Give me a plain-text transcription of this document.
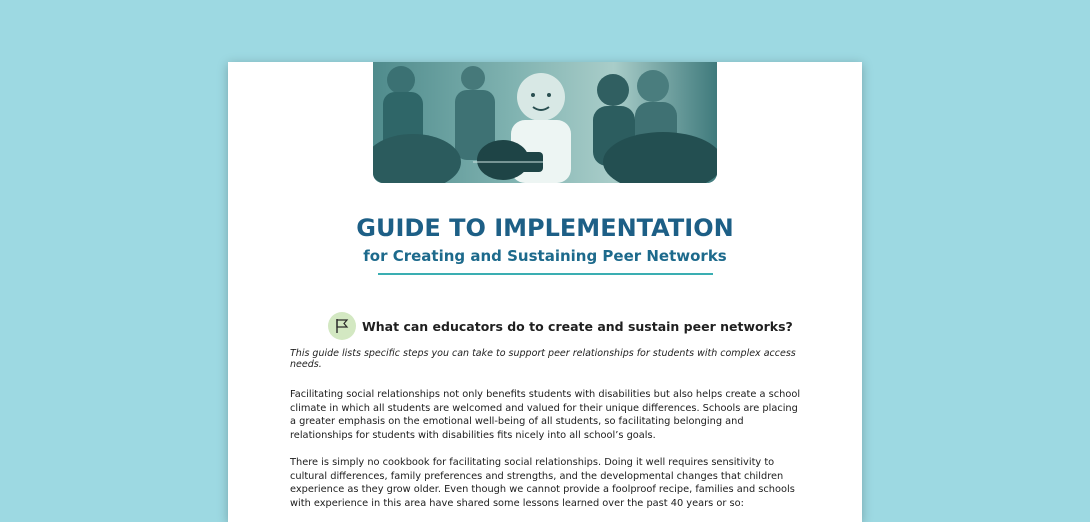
GUIDE TO IMPLEMENTATION
for Creating and Sustaining Peer Networks
What can educators do to create and sustain peer networks?
This guide lists specific steps you can take to support peer relationships for students with complex access needs.
Facilitating social relationships not only benefits students with disabilities but also helps create a school climate in which all students are welcomed and valued for their unique differences. Schools are placing a greater emphasis on the emotional well-being of all students, so facilitating belonging and relationships for students with disabilities fits nicely into all school’s goals.
There is simply no cookbook for facilitating social relationships. Doing it well requires sensitivity to cultural differences, family preferences and strengths, and the developmental changes that children experience as they grow older. Even though we cannot provide a foolproof recipe, families and schools with experience in this area have shared some lessons learned over the past 40 years or so:
